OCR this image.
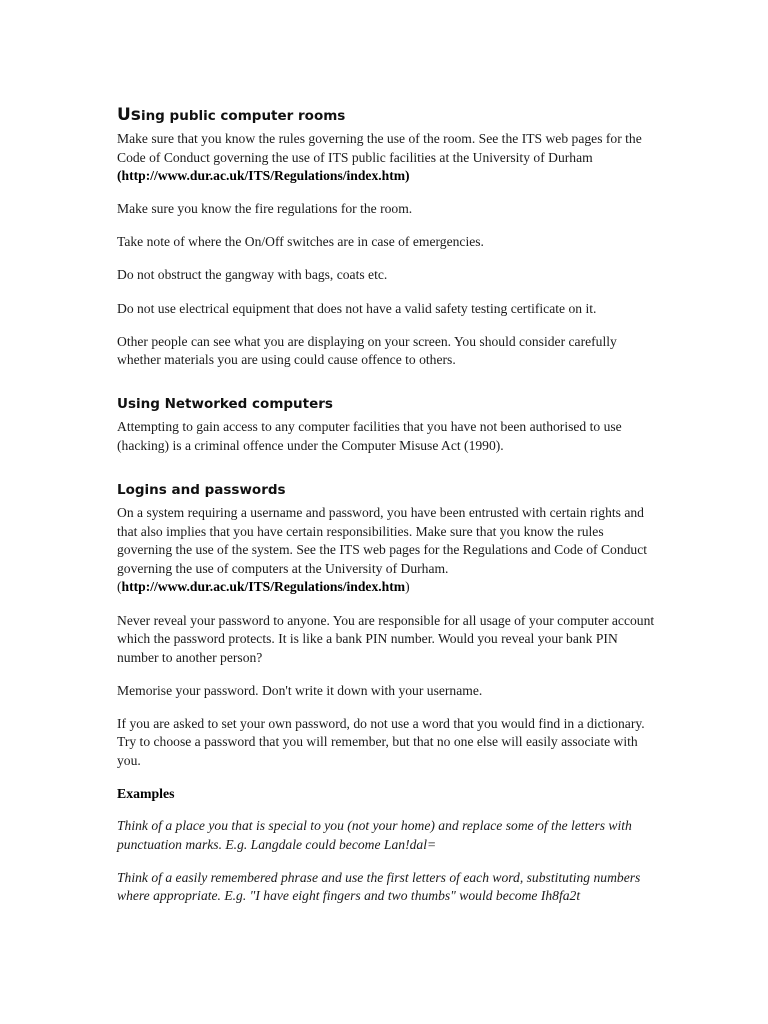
Using public computer rooms

Make sure that you know the rules governing the use of the room. See the ITS web pages for the Code of Conduct governing the use of ITS public facilities at the University of Durham (http://www.dur.ac.uk/ITS/Regulations/index.htm)

Make sure you know the fire regulations for the room.

Take note of where the On/Off switches are in case of emergencies.

Do not obstruct the gangway with bags, coats etc.

Do not use electrical equipment that does not have a valid safety testing certificate on it.

Other people can see what you are displaying on your screen. You should consider carefully whether materials you are using could cause offence to others.

Using Networked computers

Attempting to gain access to any computer facilities that you have not been authorised to use (hacking) is a criminal offence under the Computer Misuse Act (1990).

Logins and passwords

On a system requiring a username and password, you have been entrusted with certain rights and that also implies that you have certain responsibilities. Make sure that you know the rules governing the use of the system. See the ITS web pages for the Regulations and Code of Conduct governing the use of computers at the University of Durham. (http://www.dur.ac.uk/ITS/Regulations/index.htm)

Never reveal your password to anyone. You are responsible for all usage of your computer account which the password protects. It is like a bank PIN number. Would you reveal your bank PIN number to another person?

Memorise your password. Don't write it down with your username.

If you are asked to set your own password, do not use a word that you would find in a dictionary. Try to choose a password that you will remember, but that no one else will easily associate with you.

Examples

Think of a place you that is special to you (not your home) and replace some of the letters with punctuation marks. E.g. Langdale could become Lan!dal=

Think of a easily remembered phrase and use the first letters of each word, substituting numbers where appropriate. E.g. "I have eight fingers and two thumbs" would become Ih8fa2t
